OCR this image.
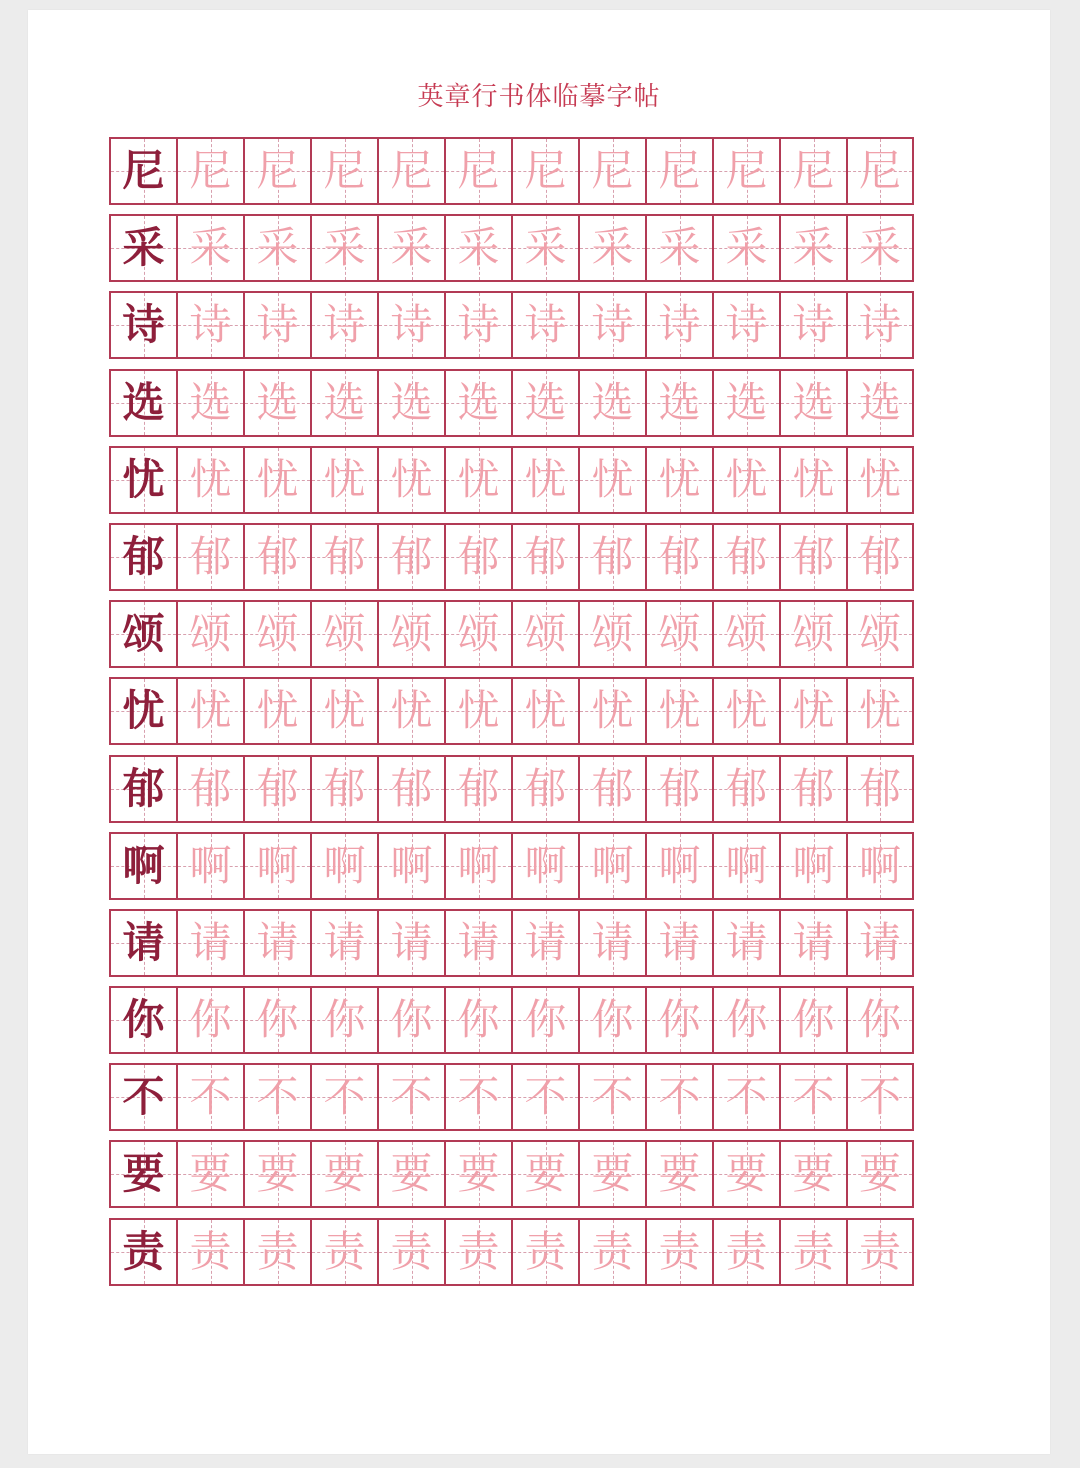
英章行书体临摹字帖
尼 尼 尼 尼 尼 尼 尼 尼 尼 尼 尼 尼
采 采 采 采 采 采 采 采 采 采 采 采
诗 诗 诗 诗 诗 诗 诗 诗 诗 诗 诗 诗
选 选 选 选 选 选 选 选 选 选 选 选
忧 忧 忧 忧 忧 忧 忧 忧 忧 忧 忧 忧
郁 郁 郁 郁 郁 郁 郁 郁 郁 郁 郁 郁
颂 颂 颂 颂 颂 颂 颂 颂 颂 颂 颂 颂
忧 忧 忧 忧 忧 忧 忧 忧 忧 忧 忧 忧
郁 郁 郁 郁 郁 郁 郁 郁 郁 郁 郁 郁
啊 啊 啊 啊 啊 啊 啊 啊 啊 啊 啊 啊
请 请 请 请 请 请 请 请 请 请 请 请
你 你 你 你 你 你 你 你 你 你 你 你
不 不 不 不 不 不 不 不 不 不 不 不
要 要 要 要 要 要 要 要 要 要 要 要
责 责 责 责 责 责 责 责 责 责 责 责
